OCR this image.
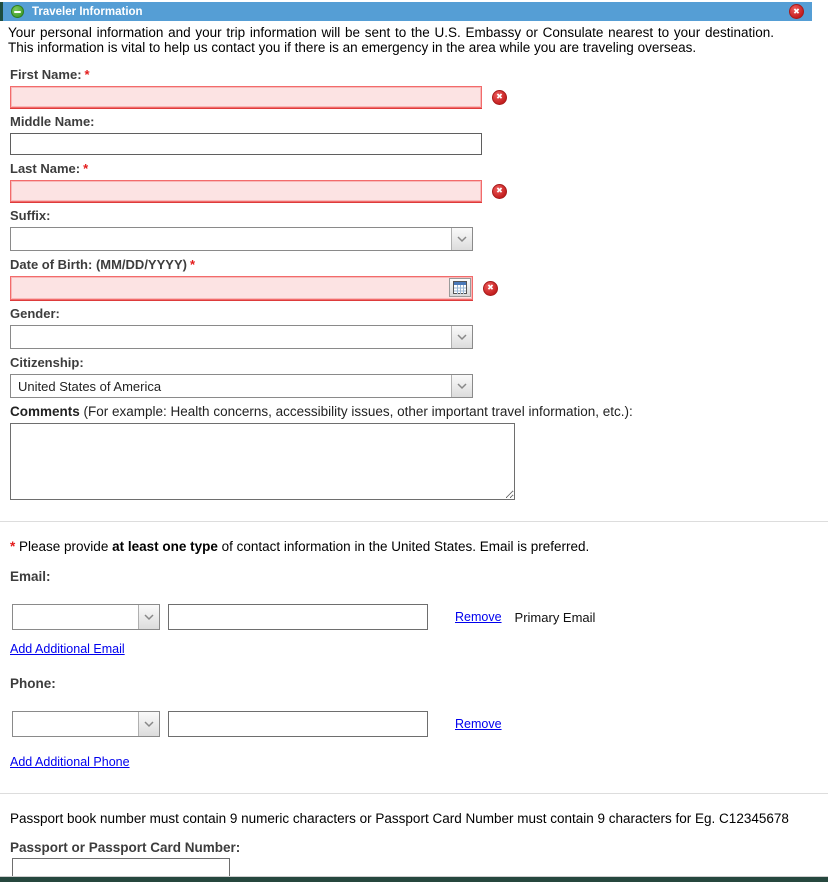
Traveler Information	✖

Your personal information and your trip information will be sent to the U.S. Embassy or Consulate nearest to your destination. This information is vital to help us contact you if there is an emergency in the area while you are traveling overseas.

First Name: *
✖
Middle Name:
Last Name: *
✖
Suffix:
Date of Birth: (MM/DD/YYYY) *
✖
Gender:
Citizenship:
United States of America
Comments (For example: Health concerns, accessibility issues, other important travel information, etc.):

* Please provide at least one type of contact information in the United States. Email is preferred.

Email:
Remove Primary Email
Add Additional Email
Phone:
Remove
Add Additional Phone

Passport book number must contain 9 numeric characters or Passport Card Number must contain 9 characters for Eg. C12345678

Passport or Passport Card Number:
